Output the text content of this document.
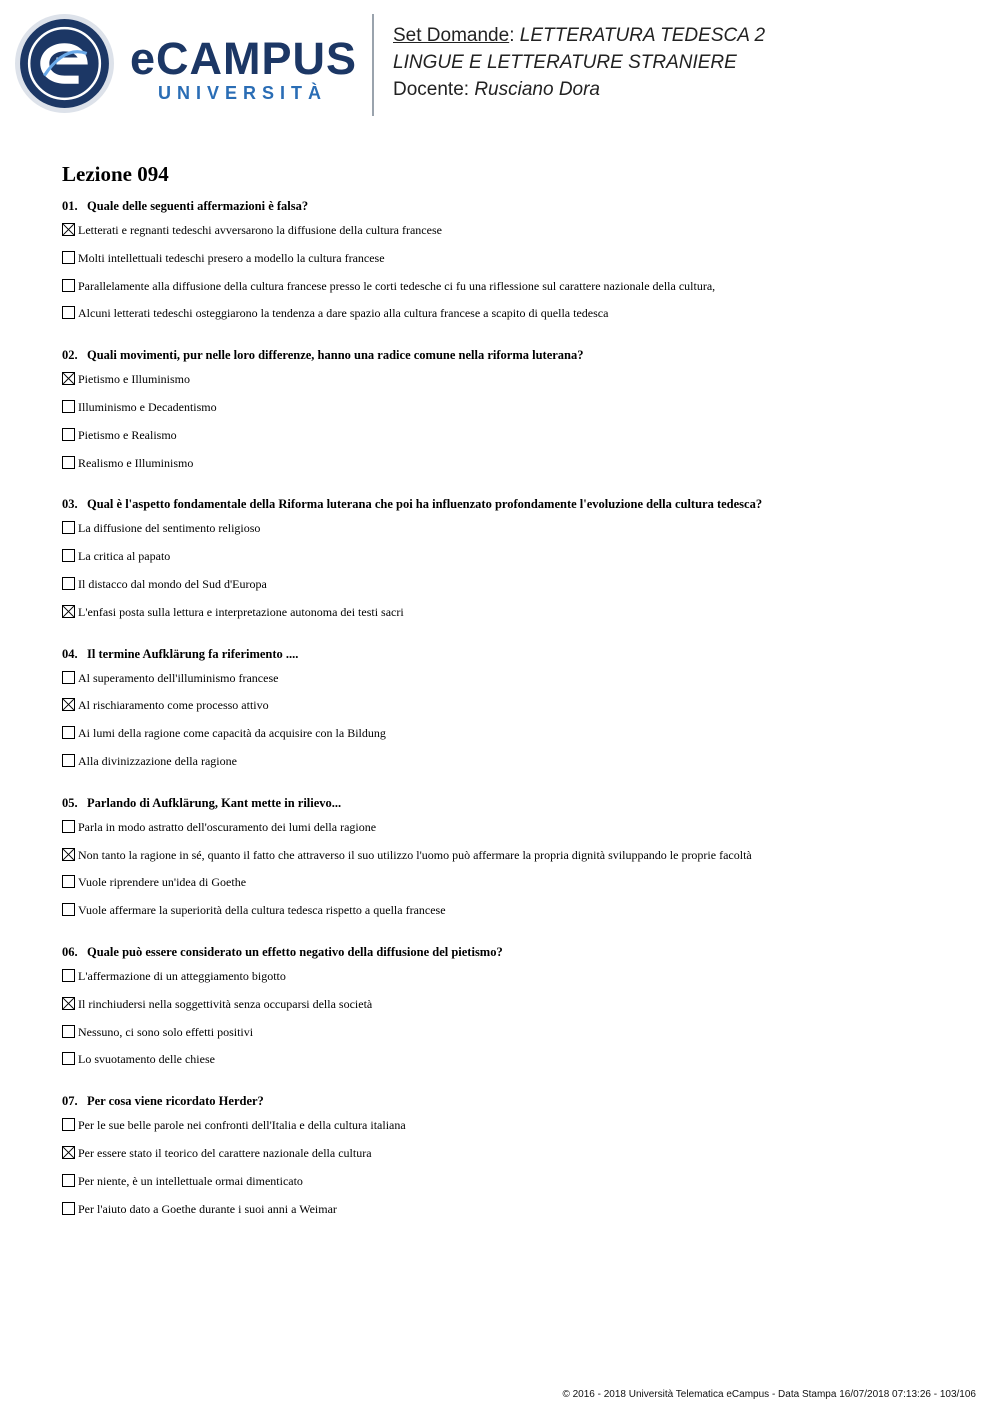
eCAMPUS
UNIVERSITÀ
Set Domande: LETTERATURA TEDESCA 2
LINGUE E LETTERATURE STRANIERE
Docente: Rusciano Dora
Lezione 094
01. Quale delle seguenti affermazioni è falsa?
Letterati e regnanti tedeschi avversarono la diffusione della cultura francese
Molti intellettuali tedeschi presero a modello la cultura francese
Parallelamente alla diffusione della cultura francese presso le corti tedesche ci fu una riflessione sul carattere nazionale della cultura,
Alcuni letterati tedeschi osteggiarono la tendenza a dare spazio alla cultura francese a scapito di quella tedesca
02. Quali movimenti, pur nelle loro differenze, hanno una radice comune nella riforma luterana?
Pietismo e Illuminismo
Illuminismo e Decadentismo
Pietismo e Realismo
Realismo e Illuminismo
03. Qual è l'aspetto fondamentale della Riforma luterana che poi ha influenzato profondamente l'evoluzione della cultura tedesca?
La diffusione del sentimento religioso
La critica al papato
Il distacco dal mondo del Sud d'Europa
L'enfasi posta sulla lettura e interpretazione autonoma dei testi sacri
04. Il termine Aufklärung fa riferimento ....
Al superamento dell'illuminismo francese
Al rischiaramento come processo attivo
Ai lumi della ragione come capacità da acquisire con la Bildung
Alla divinizzazione della ragione
05. Parlando di Aufklärung, Kant mette in rilievo...
Parla in modo astratto dell'oscuramento dei lumi della ragione
Non tanto la ragione in sé, quanto il fatto che attraverso il suo utilizzo l'uomo può affermare la propria dignità sviluppando le proprie facoltà
Vuole riprendere un'idea di Goethe
Vuole affermare la superiorità della cultura tedesca rispetto a quella francese
06. Quale può essere considerato un effetto negativo della diffusione del pietismo?
L'affermazione di un atteggiamento bigotto
Il rinchiudersi nella soggettività senza occuparsi della società
Nessuno, ci sono solo effetti positivi
Lo svuotamento delle chiese
07. Per cosa viene ricordato Herder?
Per le sue belle parole nei confronti dell'Italia e della cultura italiana
Per essere stato il teorico del carattere nazionale della cultura
Per niente, è un intellettuale ormai dimenticato
Per l'aiuto dato a Goethe durante i suoi anni a Weimar
© 2016 - 2018 Università Telematica eCampus - Data Stampa 16/07/2018 07:13:26 - 103/106
